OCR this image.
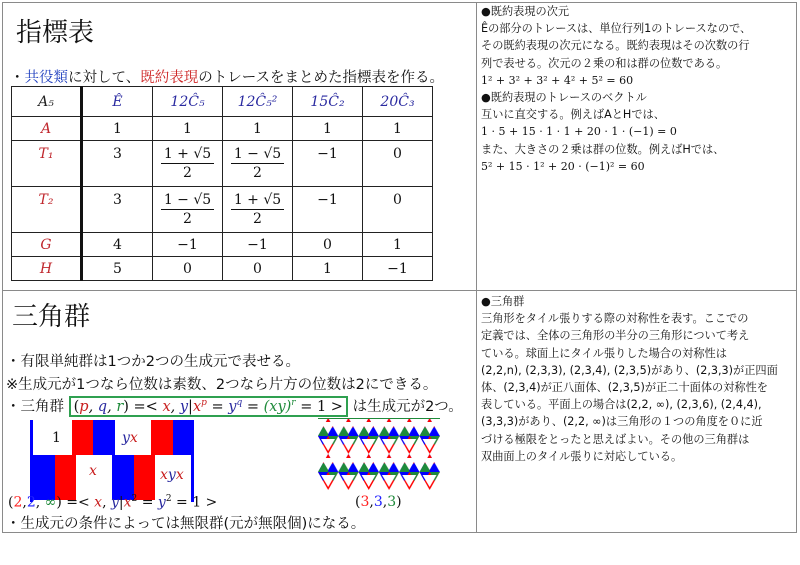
指標表
・共役類に対して、既約表現のトレースをまとめた指標表を作る。
A₅	Ê	12Ĉ₅	12Ĉ₅²	15Ĉ₂	20Ĉ₃
A	1	1	1	1	1
T₁	3	$\frac{1 + √5}{2}$	$\frac{1 - √5}{2}$	−1	0
T₂	3	$\frac{1 - √5}{2}$	$\frac{1 + √5}{2}$	−1	0
G	4	−1	−1	0	1
H	5	0	0	1	−1
●既約表現の次元
Êの部分のトレースは、単位行列1のトレースなので、
その既約表現の次元になる。既約表現はその次数の行
列で表せる。次元の２乗の和は群の位数である。
1² + 3² + 3² + 4² + 5² = 60
●既約表現のトレースのベクトル
互いに直交する。例えばAとHでは、
1 · 5 + 15 · 1 · 1 + 20 · 1 · (−1) = 0
また、大きさの２乗は群の位数。例えばHでは、
5² + 15 · 1² + 20 · (−1)² = 60
三角群
・有限単純群は1つか2つの生成元で表せる。
※生成元が1つなら位数は素数、2つなら片方の位数は2にできる。
・三角群 (p, q, r) =< x, $y|x^p = y^q = (xy)^r = 1$ > は生成元が2つ。
1	yx
x	xyx
(2,2, ∞) =< x, $y|x^2 = y^2 = 1$ >	(3,3,3)
・生成元の条件によっては無限群(元が無限個)になる。
●三角群
三角形をタイル張りする際の対称性を表す。ここでの
定義では、全体の三角形の半分の三角形について考え
ている。球面上にタイル張りした場合の対称性は
(2,2,n), (2,3,3), (2,3,4), (2,3,5)があり、(2,3,3)が正四面
体、(2,3,4)が正八面体、(2,3,5)が正二十面体の対称性を
表している。平面上の場合は(2,2, ∞), (2,3,6), (2,4,4),
(3,3,3)があり、(2,2, ∞)は三角形の１つの角度を０に近
づける極限をとったと思えばよい。その他の三角群は
双曲面上のタイル張りに対応している。
